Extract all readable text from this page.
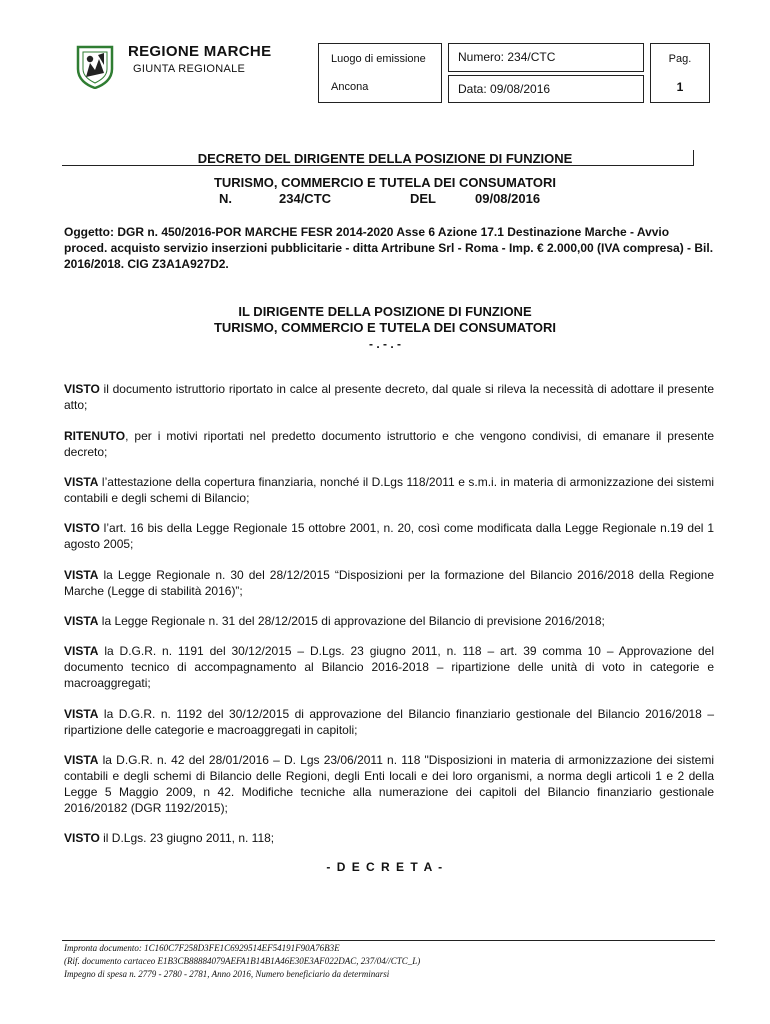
REGIONE MARCHE
GIUNTA REGIONALE
Luogo di emissione
Ancona
Numero: 234/CTC
Data: 09/08/2016
Pag.
1
DECRETO DEL DIRIGENTE DELLA POSIZIONE DI FUNZIONE
TURISMO, COMMERCIO E TUTELA DEI CONSUMATORI
N.	234/CTC	DEL	09/08/2016
Oggetto: DGR n. 450/2016-POR MARCHE FESR 2014-2020 Asse 6 Azione 17.1 Destinazione Marche - Avvio proced. acquisto servizio inserzioni pubblicitarie - ditta Artribune Srl - Roma - Imp. € 2.000,00 (IVA compresa) - Bil. 2016/2018. CIG Z3A1A927D2.
IL DIRIGENTE DELLA POSIZIONE DI FUNZIONE
TURISMO, COMMERCIO E TUTELA DEI CONSUMATORI
- . - . -
VISTO il documento istruttorio riportato in calce al presente decreto, dal quale si rileva la necessità di adottare il presente atto;
RITENUTO, per i motivi riportati nel predetto documento istruttorio e che vengono condivisi, di emanare il presente decreto;
VISTA l’attestazione della copertura finanziaria, nonché il D.Lgs 118/2011 e s.m.i. in materia di armonizzazione dei sistemi contabili e degli schemi di Bilancio;
VISTO l’art. 16 bis della Legge Regionale 15 ottobre 2001, n. 20, così come modificata dalla Legge Regionale n.19 del 1 agosto 2005;
VISTA la Legge Regionale n. 30 del 28/12/2015 “Disposizioni per la formazione del Bilancio 2016/2018 della Regione Marche (Legge di stabilità 2016)”;
VISTA la Legge Regionale n. 31 del 28/12/2015 di approvazione del Bilancio di previsione 2016/2018;
VISTA la D.G.R. n. 1191 del 30/12/2015 – D.Lgs. 23 giugno 2011, n. 118 – art. 39 comma 10 – Approvazione del documento tecnico di accompagnamento al Bilancio 2016-2018 – ripartizione delle unità di voto in categorie e macroaggregati;
VISTA la D.G.R. n. 1192 del 30/12/2015 di approvazione del Bilancio finanziario gestionale del Bilancio 2016/2018 – ripartizione delle categorie e macroaggregati in capitoli;
VISTA la D.G.R. n. 42 del 28/01/2016 – D. Lgs 23/06/2011 n. 118 "Disposizioni in materia di armonizzazione dei sistemi contabili e degli schemi di Bilancio delle Regioni, degli Enti locali e dei loro organismi, a norma degli articoli 1 e 2 della Legge 5 Maggio 2009, n 42. Modifiche tecniche alla numerazione dei capitoli del Bilancio finanziario gestionale 2016/20182 (DGR 1192/2015);
VISTO il D.Lgs. 23 giugno 2011, n. 118;
- D E C R E T A -
Impronta documento: 1C160C7F258D3FE1C6929514EF54191F90A76B3E
(Rif. documento cartaceo E1B3CB88884079AEFA1B14B1A46E30E3AF022DAC, 237/04//CTC_L)
Impegno di spesa n. 2779 - 2780 - 2781, Anno 2016, Numero beneficiario da determinarsi
